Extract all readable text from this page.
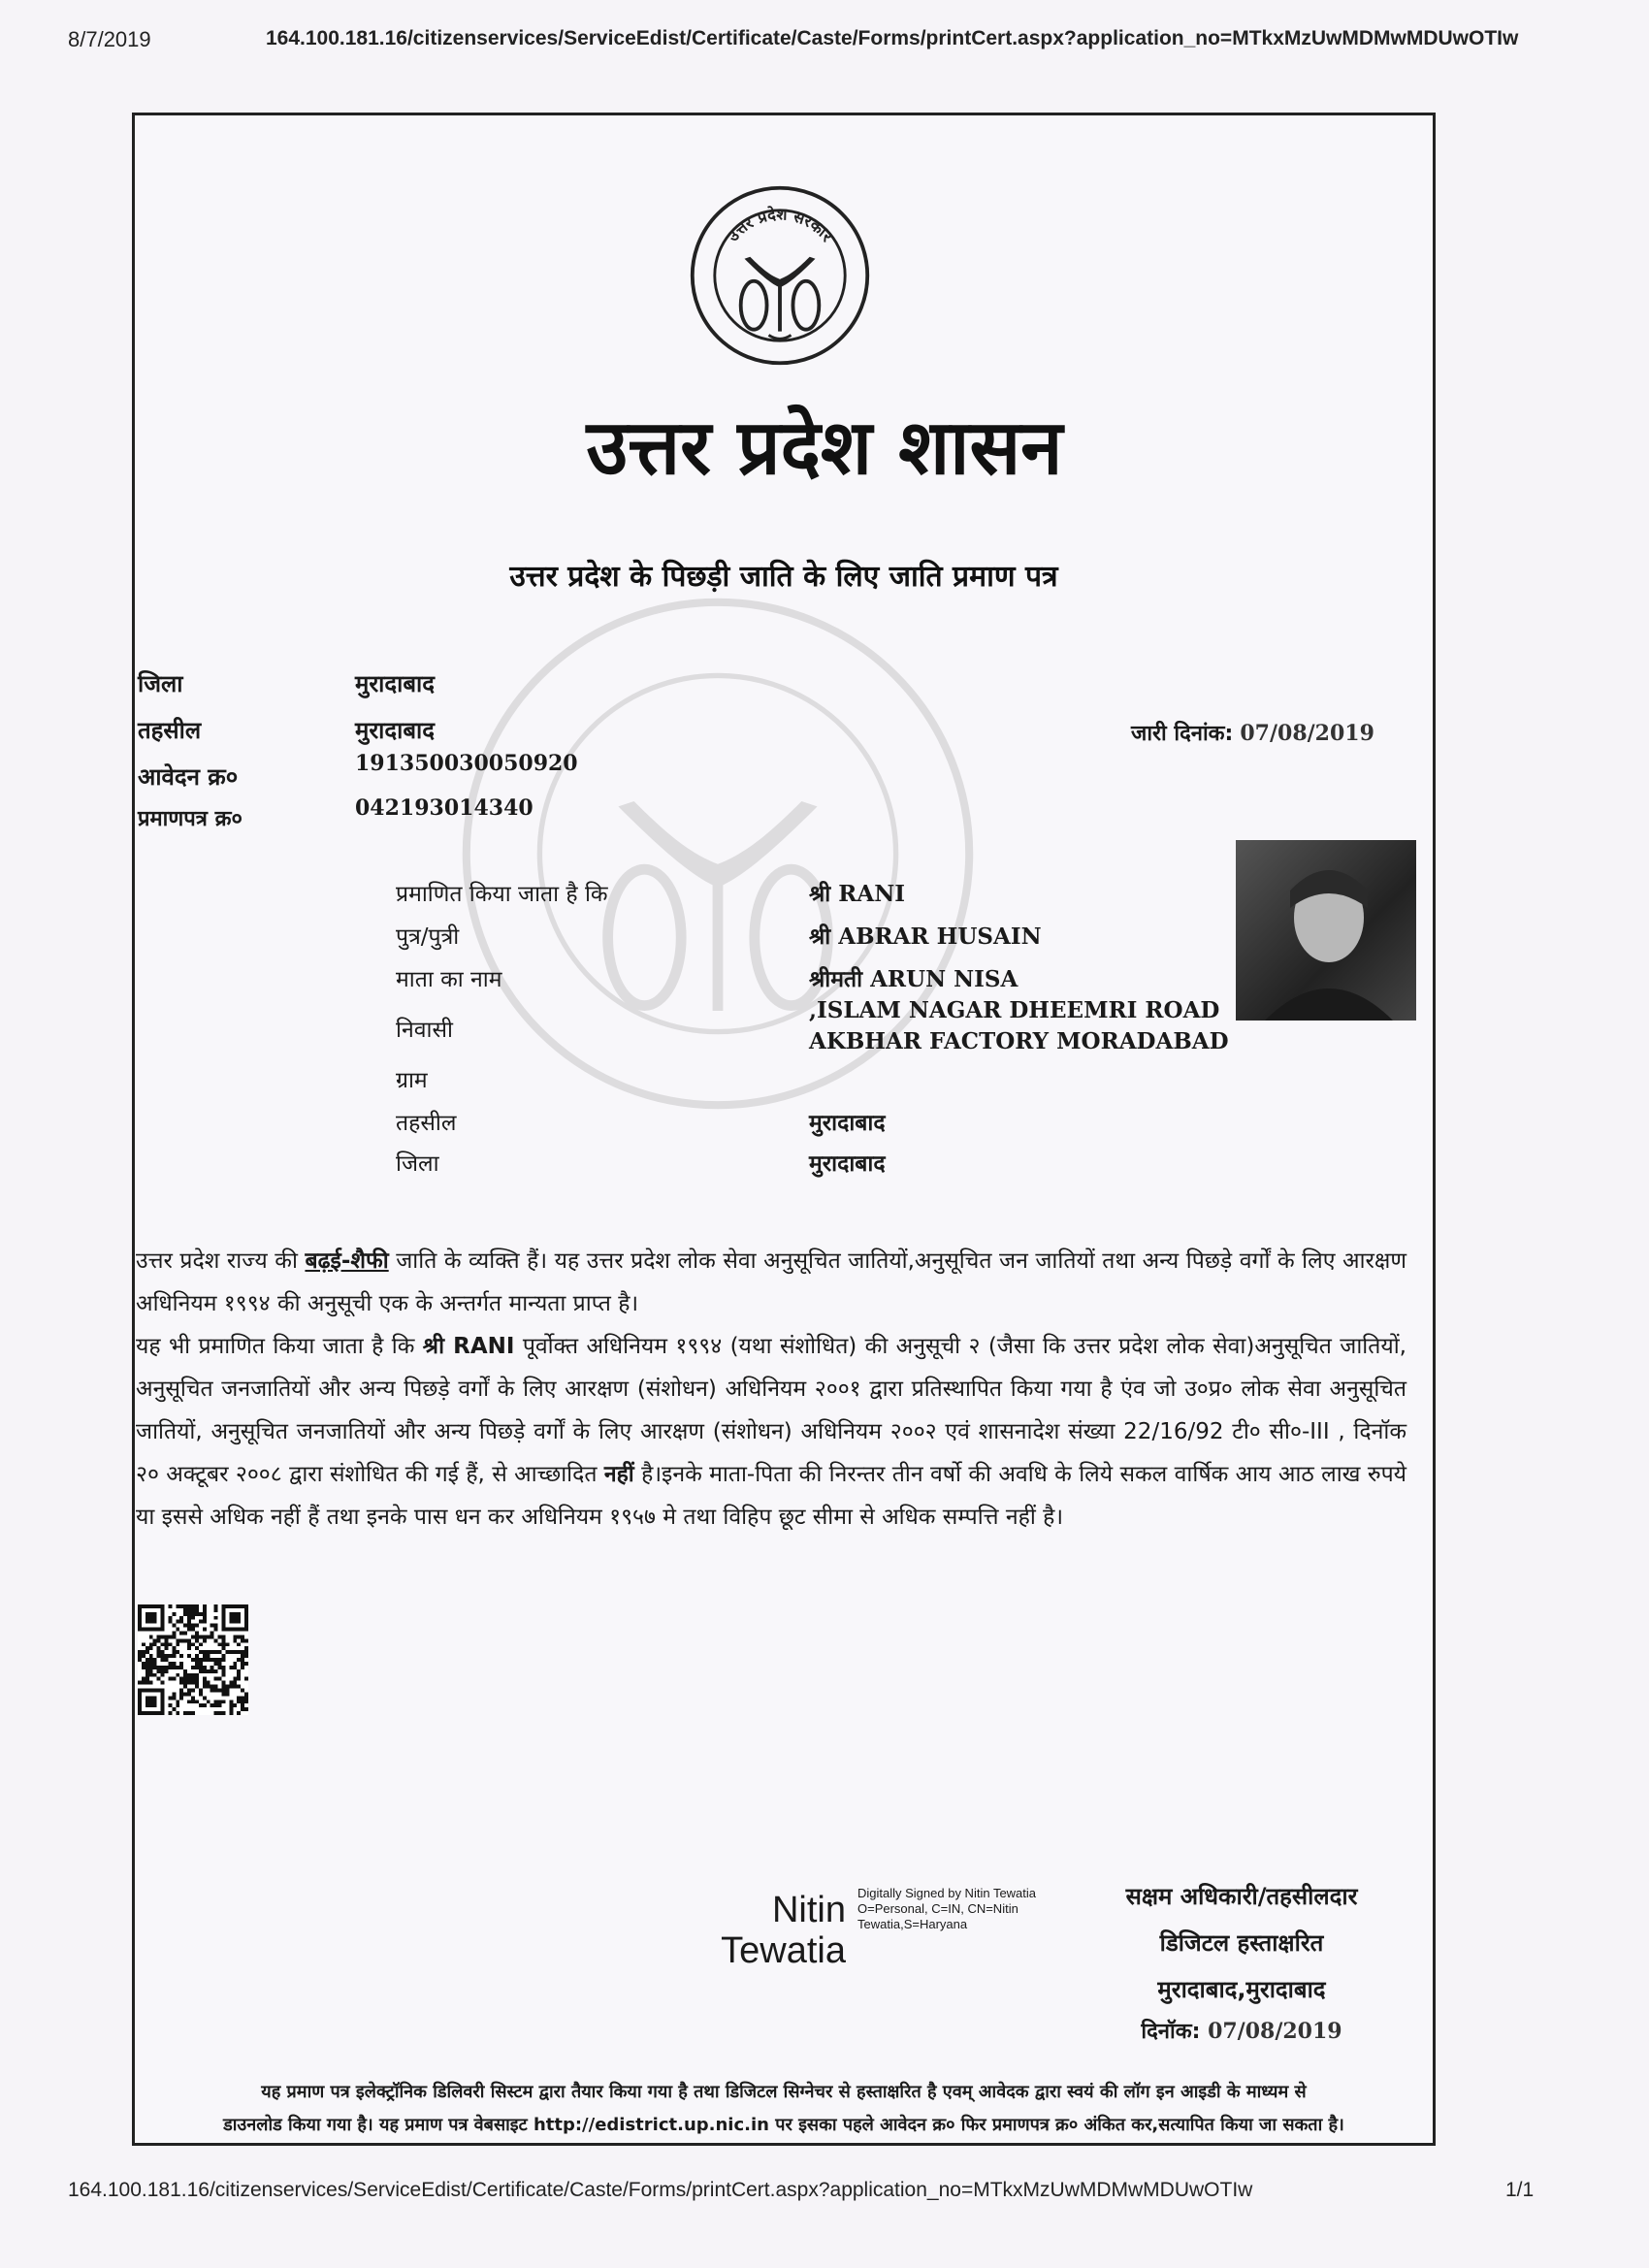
8/7/2019	164.100.181.16/citizenservices/ServiceEdist/Certificate/Caste/Forms/printCert.aspx?application_no=MTkxMzUwMDMwMDUwOTIw
उत्तर प्रदेश सरकार
उत्तर प्रदेश शासन
उत्तर प्रदेश के पिछड़ी जाति के लिए जाति प्रमाण पत्र
जिला	मुरादाबाद
तहसील	मुरादाबाद
आवेदन क्र०	191350030050920
प्रमाणपत्र क्र०	042193014340
जारी दिनांक: 07/08/2019
प्रमाणित किया जाता है कि	श्री RANI
पुत्र/पुत्री	श्री ABRAR HUSAIN
माता का नाम	श्रीमती ARUN NISA
निवासी
,ISLAM NAGAR DHEEMRI ROAD
AKBHAR FACTORY MORADABAD
ग्राम
तहसील	मुरादाबाद
जिला	मुरादाबाद

उत्तर प्रदेश राज्य की बढ़ई-शैफी जाति के व्यक्ति हैं। यह उत्तर प्रदेश लोक सेवा अनुसूचित जातियों,अनुसूचित जन जातियों तथा अन्य पिछड़े वर्गों के लिए आरक्षण अधिनियम १९९४ की अनुसूची एक के अन्तर्गत मान्यता प्राप्त है।

यह भी प्रमाणित किया जाता है कि श्री RANI पूर्वोक्त अधिनियम १९९४ (यथा संशोधित) की अनुसूची २ (जैसा कि उत्तर प्रदेश लोक सेवा)अनुसूचित जातियों, अनुसूचित जनजातियों और अन्य पिछड़े वर्गों के लिए आरक्षण (संशोधन) अधिनियम २००१ द्वारा प्रतिस्थापित किया गया है एंव जो उ०प्र० लोक सेवा अनुसूचित जातियों, अनुसूचित जनजातियों और अन्य पिछड़े वर्गों के लिए आरक्षण (संशोधन) अधिनियम २००२ एवं शासनादेश संख्या 22/16/92 टी० सी०-III , दिनॉक २० अक्टूबर २००८ द्वारा संशोधित की गई हैं, से आच्छादित नहीं है।इनके माता-पिता की निरन्तर तीन वर्षो की अवधि के लिये सकल वार्षिक आय आठ लाख रुपये या इससे अधिक नहीं हैं तथा इनके पास धन कर अधिनियम १९५७ मे तथा विहिप छूट सीमा से अधिक सम्पत्ति नहीं है।

Nitin
Tewatia
Digitally Signed by Nitin Tewatia O=Personal, C=IN, CN=Nitin Tewatia,S=Haryana
सक्षम अधिकारी/तहसीलदार
डिजिटल हस्ताक्षरित
मुरादाबाद,मुरादाबाद
दिनॉक: 07/08/2019
यह प्रमाण पत्र इलेक्ट्रॉनिक डिलिवरी सिस्टम द्वारा तैयार किया गया है तथा डिजिटल सिग्नेचर से हस्ताक्षरित है एवम् आवेदक द्वारा स्वयं की लॉग इन आइडी के माध्यम से
डाउनलोड किया गया है। यह प्रमाण पत्र वेबसाइट http://edistrict.up.nic.in पर इसका पहले आवेदन क्र० फिर प्रमाणपत्र क्र० अंकित कर,सत्यापित किया जा सकता है।
164.100.181.16/citizenservices/ServiceEdist/Certificate/Caste/Forms/printCert.aspx?application_no=MTkxMzUwMDMwMDUwOTIw	1/1
